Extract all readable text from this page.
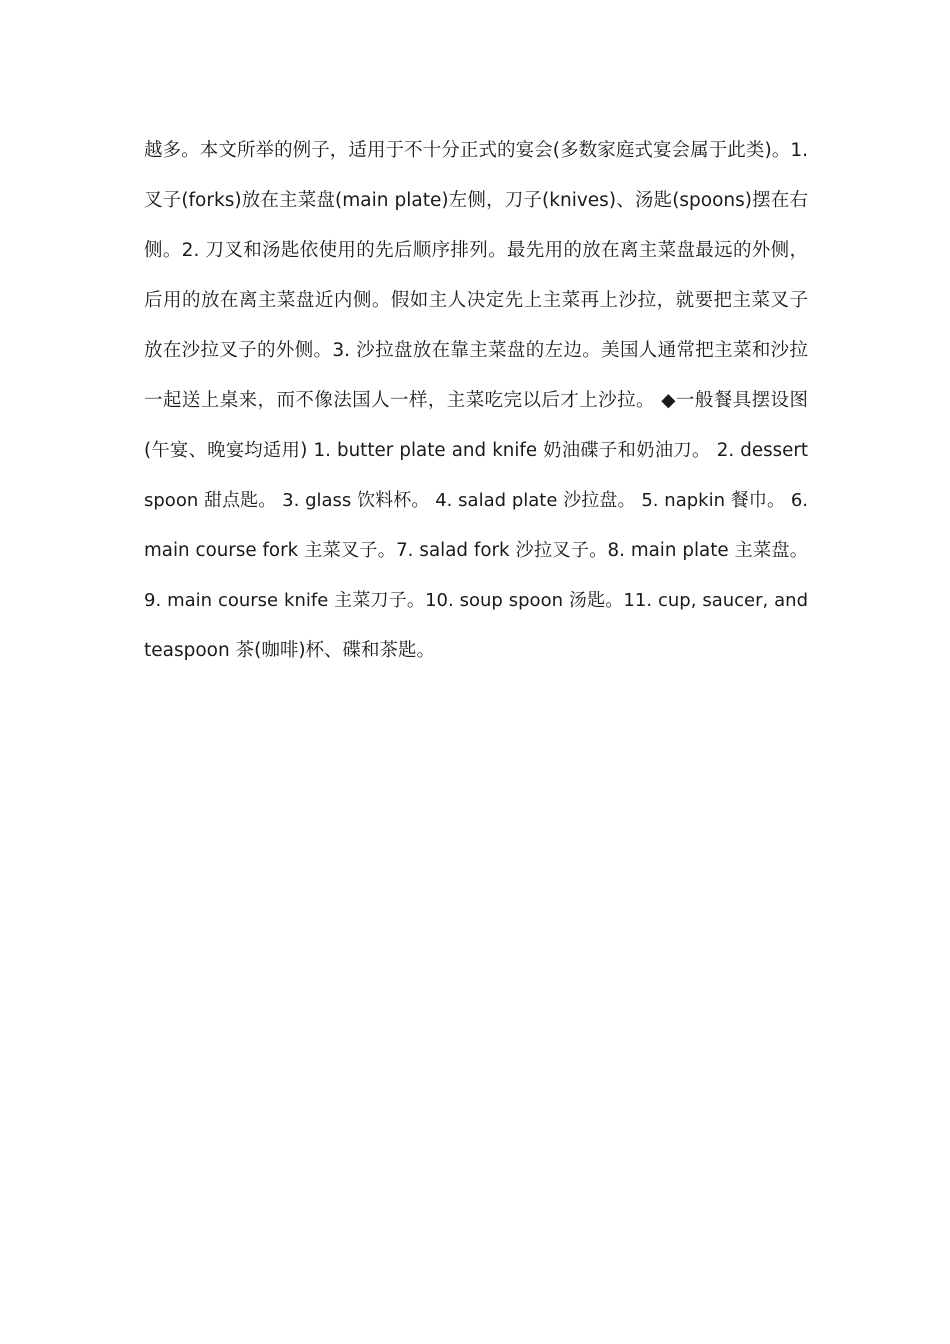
越多。本文所举的例子，适用于不十分正式的宴会(多数家庭式宴会属于此类)。1.
叉子(forks)放在主菜盘(main plate)左侧，刀子(knives)、汤匙(spoons)摆在右
侧。2. 刀叉和汤匙依使用的先后顺序排列。最先用的放在离主菜盘最远的外侧，
后用的放在离主菜盘近内侧。假如主人决定先上主菜再上沙拉，就要把主菜叉子
放在沙拉叉子的外侧。3. 沙拉盘放在靠主菜盘的左边。美国人通常把主菜和沙拉
一起送上桌来，而不像法国人一样，主菜吃完以后才上沙拉。 ◆一般餐具摆设图
(午宴、晚宴均适用) 1. butter plate and knife 奶油碟子和奶油刀。 2. dessert
spoon 甜点匙。 3. glass 饮料杯。 4. salad plate 沙拉盘。 5. napkin 餐巾。 6.
main course fork 主菜叉子。7. salad fork 沙拉叉子。8. main plate 主菜盘。
9. main course knife 主菜刀子。10. soup spoon 汤匙。11. cup, saucer, and
teaspoon 茶(咖啡)杯、碟和茶匙。
